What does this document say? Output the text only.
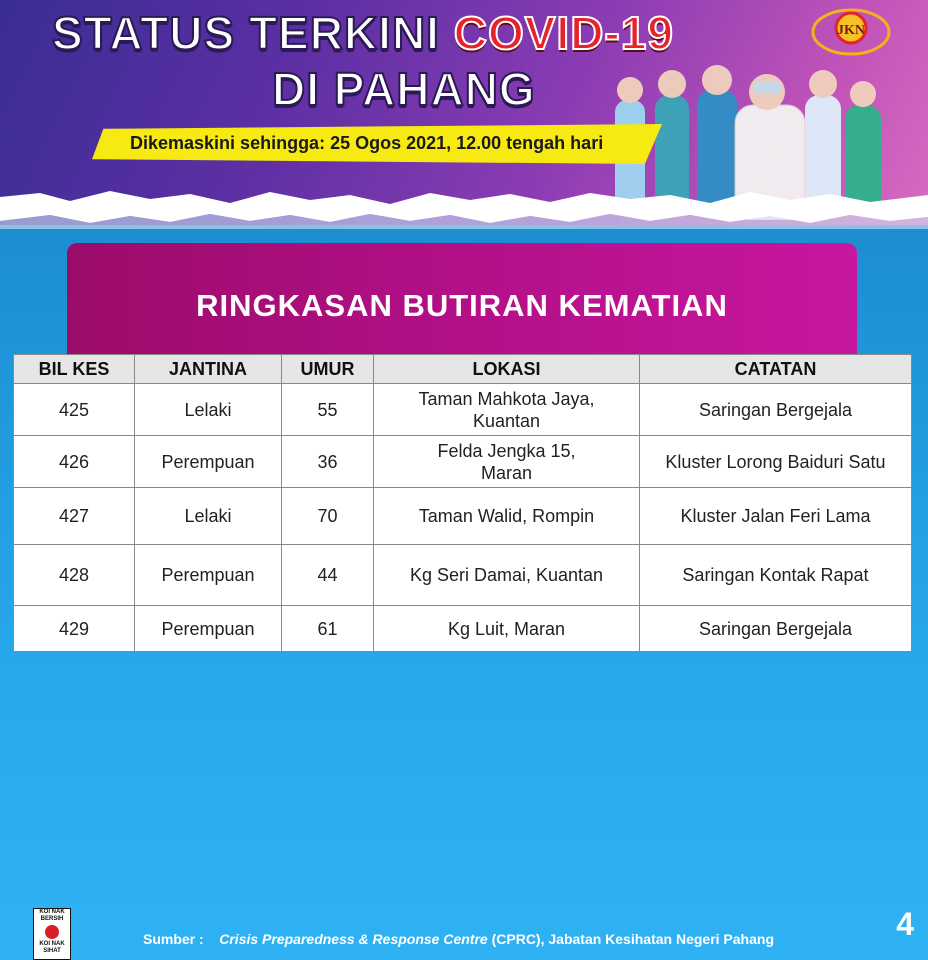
STATUS TERKINI COVID-19
DI PAHANG
Dikemaskini sehingga: 25 Ogos 2021, 12.00 tengah hari
JKN
RINGKASAN BUTIRAN KEMATIAN
BIL KES	JANTINA	UMUR	LOKASI	CATATAN
425	Lelaki	55	Taman Mahkota Jaya, Kuantan	Saringan Bergejala
426	Perempuan	36	Felda Jengka 15, Maran	Kluster Lorong Baiduri Satu
427	Lelaki	70	Taman Walid, Rompin	Kluster Jalan Feri Lama
428	Perempuan	44	Kg Seri Damai, Kuantan	Saringan Kontak Rapat
429	Perempuan	61	Kg Luit, Maran	Saringan Bergejala
KOI NAK BERSIH
KOI NAK SIHAT
Sumber : Crisis Preparedness & Response Centre (CPRC), Jabatan Kesihatan Negeri Pahang	4
